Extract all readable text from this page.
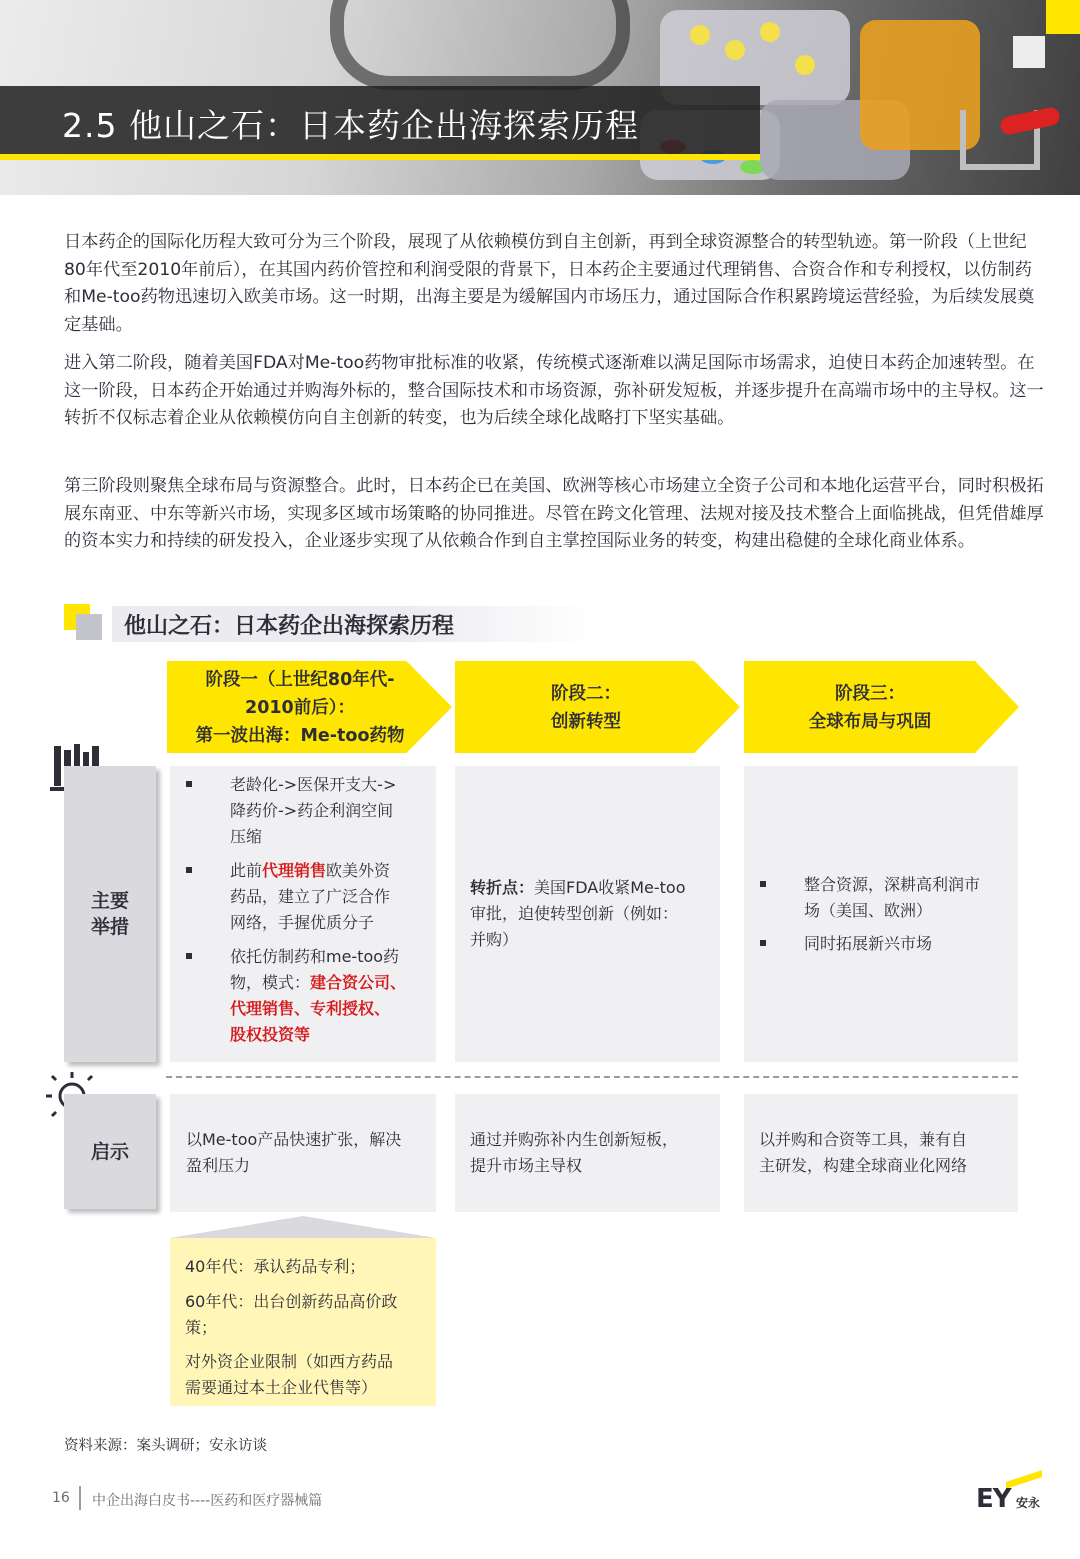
2.5 他山之石：日本药企出海探索历程
日本药企的国际化历程大致可分为三个阶段，展现了从依赖模仿到自主创新，再到全球资源整合的转型轨迹。第一阶段（上世纪80年代至2010年前后），在其国内药价管控和利润受限的背景下，日本药企主要通过代理销售、合资合作和专利授权，以仿制药和Me-too药物迅速切入欧美市场。这一时期，出海主要是为缓解国内市场压力，通过国际合作积累跨境运营经验，为后续发展奠定基础。
进入第二阶段，随着美国FDA对Me-too药物审批标准的收紧，传统模式逐渐难以满足国际市场需求，迫使日本药企加速转型。在这一阶段，日本药企开始通过并购海外标的，整合国际技术和市场资源，弥补研发短板，并逐步提升在高端市场中的主导权。这一转折不仅标志着企业从依赖模仿向自主创新的转变，也为后续全球化战略打下坚实基础。
第三阶段则聚焦全球布局与资源整合。此时，日本药企已在美国、欧洲等核心市场建立全资子公司和本地化运营平台，同时积极拓展东南亚、中东等新兴市场，实现多区域市场策略的协同推进。尽管在跨文化管理、法规对接及技术整合上面临挑战，但凭借雄厚的资本实力和持续的研发投入，企业逐步实现了从依赖合作到自主掌控国际业务的转变，构建出稳健的全球化商业体系。
他山之石：日本药企出海探索历程
阶段一（上世纪80年代-
2010前后）：
第一波出海：Me-too药物
阶段二：
创新转型
阶段三：
全球布局与巩固
主要
举措
老龄化->医保开支大->
降药价->药企利润空间
压缩
此前代理销售欧美外资
药品，建立了广泛合作
网络，手握优质分子
依托仿制药和me-too药
物，模式：建合资公司、
代理销售、专利授权、
股权投资等
转折点：美国FDA收紧Me-too
审批，迫使转型创新（例如：
并购）
整合资源，深耕高利润市
场（美国、欧洲）
同时拓展新兴市场
启示
以Me-too产品快速扩张，解决
盈利压力
通过并购弥补内生创新短板，
提升市场主导权
以并购和合资等工具，兼有自
主研发，构建全球商业化网络
40年代：承认药品专利；
60年代：出台创新药品高价政
策；
对外资企业限制（如西方药品
需要通过本土企业代售等）
资料来源：案头调研；安永访谈
16 中企出海白皮书----医药和医疗器械篇	EY 安永
